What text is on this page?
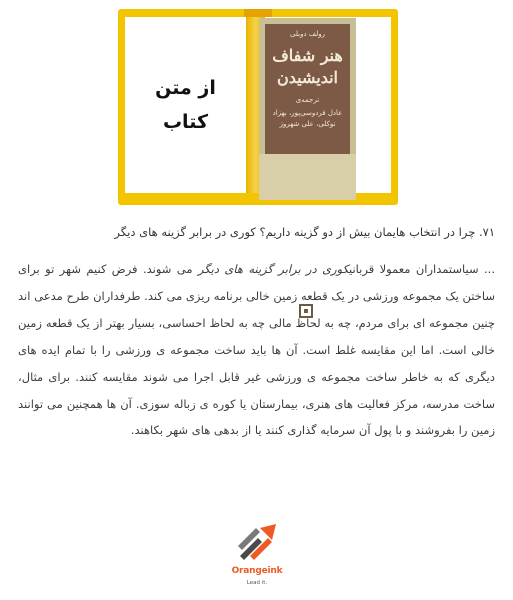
از متن
کتاب
رولف دوبلی
هنر شفاف
اندیشیدن
ترجمه‌ی
عادل فردوسی‌پور، بهزاد توکلی، علی شهروز
۷۱. چرا در انتخاب هایمان بیش از دو گزینه داریم؟ کوری در برابر گزینه های دیگر
... سیاستمداران معمولا قربانیکوری در برابر گزینه های دیگر می شوند. فرض کنیم شهر تو برای ساختن یک مجموعه ورزشی در یک قطعه زمین خالی برنامه ریزی می کند. طرفداران طرح مدعی اند چنین مجموعه ای برای مردم، چه به لحاظ مالی چه به لحاظ احساسی، بسیار بهتر از یک قطعه زمین خالی است. اما این مقایسه غلط است. آن ها باید ساخت مجموعه ی ورزشی را با تمام ایده های دیگری که به خاطر ساخت مجموعه ی ورزشی غیر قابل اجرا می شوند مقایسه کنند. برای مثال، ساخت مدرسه، مرکز فعالیت های هنری، بیمارستان یا کوره ی زباله سوزی. آن ها همچنین می توانند زمین را بفروشند و با پول آن سرمایه گذاری کنند یا از بدهی های شهر بکاهند.
Orangeink
Lead it.
